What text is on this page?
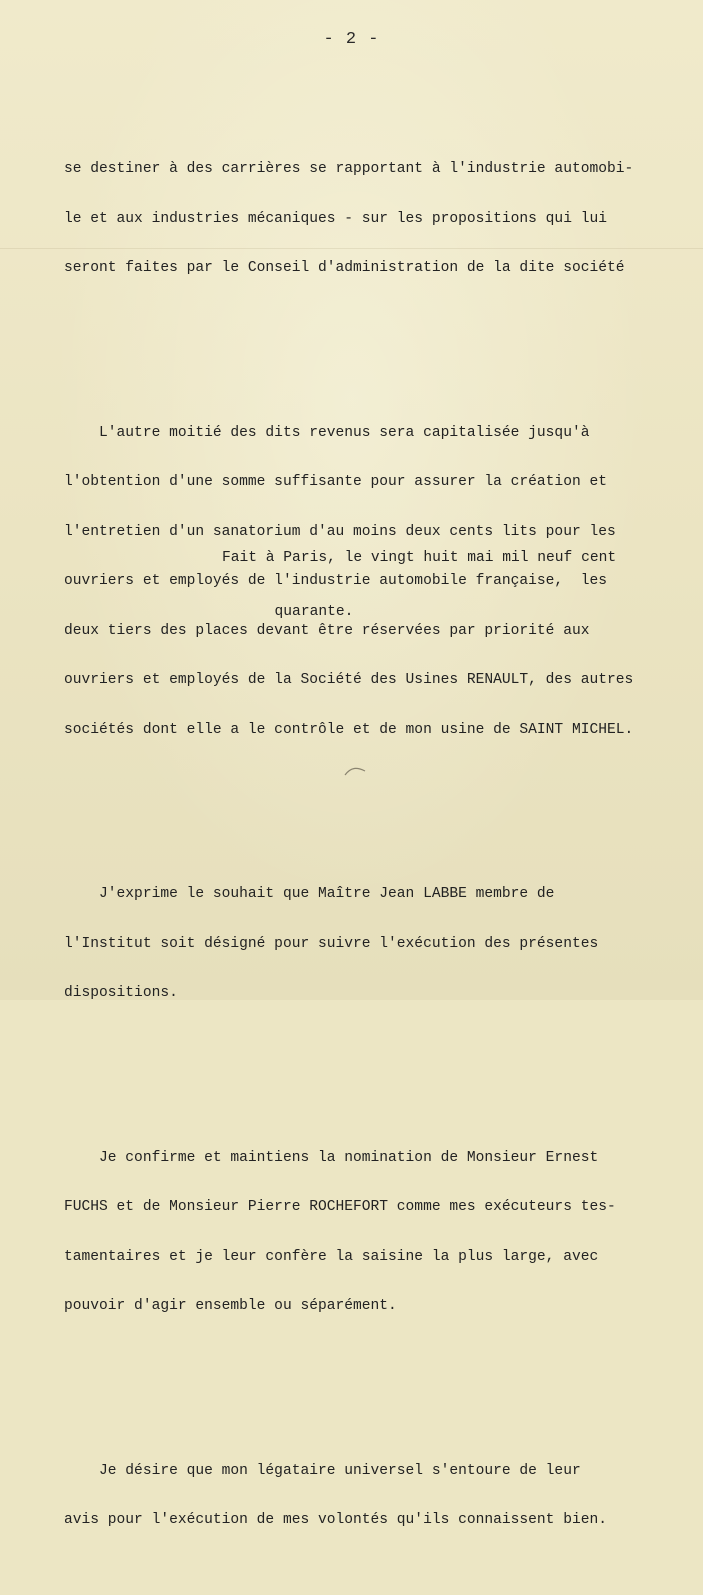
- 2 -

se destiner à des carrières se rapportant à l'industrie automobi-

le et aux industries mécaniques - sur les propositions qui lui

seront faites par le Conseil d'administration de la dite société

L'autre moitié des dits revenus sera capitalisée jusqu'à

l'obtention d'une somme suffisante pour assurer la création et

l'entretien d'un sanatorium d'au moins deux cents lits pour les

ouvriers et employés de l'industrie automobile française,  les

deux tiers des places devant être réservées par priorité aux

ouvriers et employés de la Société des Usines RENAULT, des autres

sociétés dont elle a le contrôle et de mon usine de SAINT MICHEL.

J'exprime le souhait que Maître Jean LABBE membre de

l'Institut soit désigné pour suivre l'exécution des présentes

dispositions.

Je confirme et maintiens la nomination de Monsieur Ernest

FUCHS et de Monsieur Pierre ROCHEFORT comme mes exécuteurs tes-

tamentaires et je leur confère la saisine la plus large, avec

pouvoir d'agir ensemble ou séparément.

Je désire que mon légataire universel s'entoure de leur

avis pour l'exécution de mes volontés qu'ils connaissent bien.

Fait à Paris, le vingt huit mai mil neuf cent

quarante.
